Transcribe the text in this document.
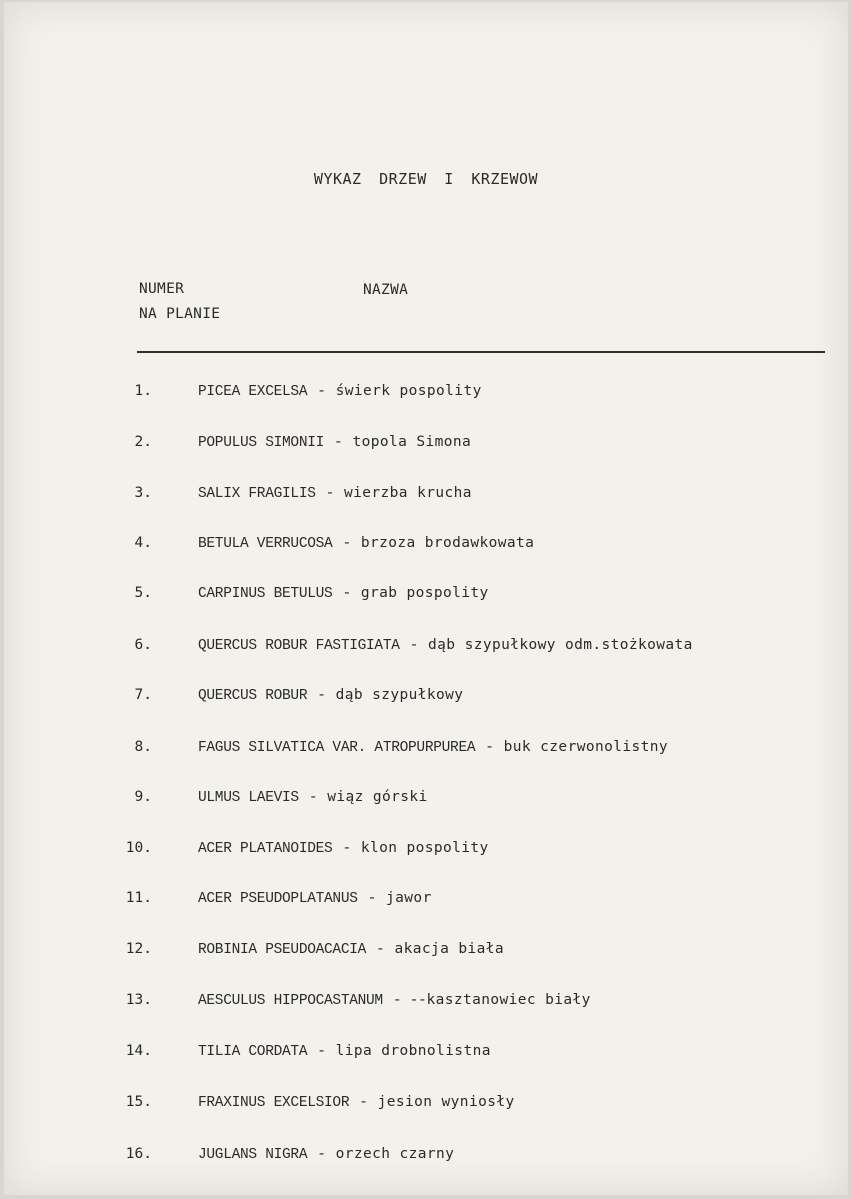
WYKAZ DRZEW I KRZEWOW
NUMER
NA PLANIE
NAZWA
1.	PICEA EXCELSA - świerk pospolity
2.	POPULUS SIMONII - topola Simona
3.	SALIX FRAGILIS - wierzba krucha
4.	BETULA VERRUCOSA - brzoza brodawkowata
5.	CARPINUS BETULUS - grab pospolity
6.	QUERCUS ROBUR FASTIGIATA - dąb szypułkowy odm.stożkowata
7.	QUERCUS ROBUR - dąb szypułkowy
8.	FAGUS SILVATICA VAR. ATROPURPUREA - buk czerwonolistny
9.	ULMUS LAEVIS - wiąz górski
10.	ACER PLATANOIDES - klon pospolity
11.	ACER PSEUDOPLATANUS - jawor
12.	ROBINIA PSEUDOACACIA - akacja biała
13.	AESCULUS HIPPOCASTANUM - --kasztanowiec biały
14.	TILIA CORDATA - lipa drobnolistna
15.	FRAXINUS EXCELSIOR - jesion wyniosły
16.	JUGLANS NIGRA - orzech czarny
